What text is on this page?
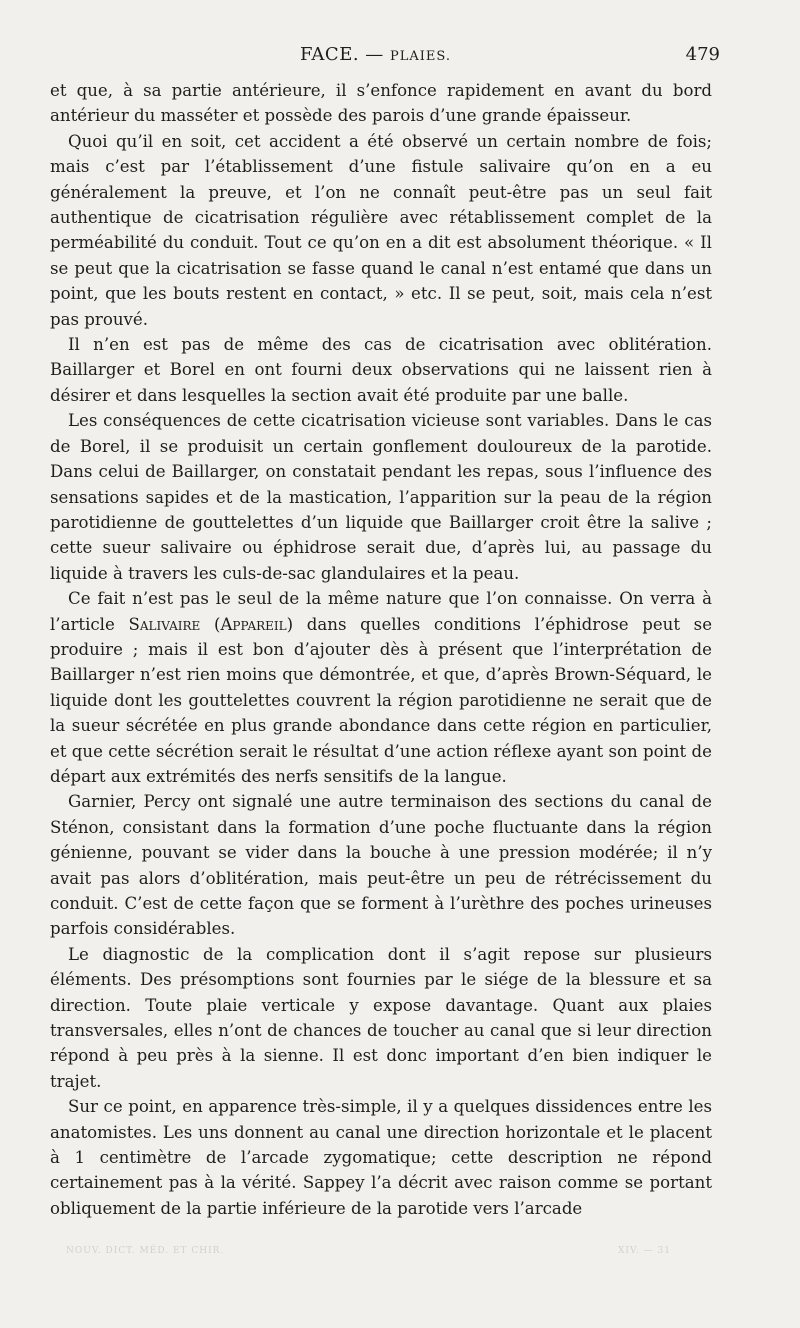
FACE. — PLAIES.	479

et que, à sa partie antérieure, il s’enfonce rapidement en avant du bord antérieur du masséter et possède des parois d’une grande épaisseur.

Quoi qu’il en soit, cet accident a été observé un certain nombre de fois; mais c’est par l’établissement d’une fistule salivaire qu’on en a eu généralement la preuve, et l’on ne connaît peut-être pas un seul fait authentique de cicatrisation régulière avec rétablissement complet de la perméabilité du conduit. Tout ce qu’on en a dit est absolument théorique. « Il se peut que la cicatrisation se fasse quand le canal n’est entamé que dans un point, que les bouts restent en contact, » etc. Il se peut, soit, mais cela n’est pas prouvé.

Il n’en est pas de même des cas de cicatrisation avec oblitération. Baillarger et Borel en ont fourni deux observations qui ne laissent rien à désirer et dans lesquelles la section avait été produite par une balle.

Les conséquences de cette cicatrisation vicieuse sont variables. Dans le cas de Borel, il se produisit un certain gonflement douloureux de la parotide. Dans celui de Baillarger, on constatait pendant les repas, sous l’influence des sensations sapides et de la mastication, l’apparition sur la peau de la région parotidienne de gouttelettes d’un liquide que Baillarger croit être la salive ; cette sueur salivaire ou éphidrose serait due, d’après lui, au passage du liquide à travers les culs-de-sac glandulaires et la peau.

Ce fait n’est pas le seul de la même nature que l’on connaisse. On verra à l’article Salivaire (Appareil) dans quelles conditions l’éphidrose peut se produire ; mais il est bon d’ajouter dès à présent que l’interprétation de Baillarger n’est rien moins que démontrée, et que, d’après Brown-Séquard, le liquide dont les gouttelettes couvrent la région parotidienne ne serait que de la sueur sécrétée en plus grande abondance dans cette région en particulier, et que cette sécrétion serait le résultat d’une action réflexe ayant son point de départ aux extrémités des nerfs sensitifs de la langue.

Garnier, Percy ont signalé une autre terminaison des sections du canal de Sténon, consistant dans la formation d’une poche fluctuante dans la région génienne, pouvant se vider dans la bouche à une pression modérée; il n’y avait pas alors d’oblitération, mais peut-être un peu de rétrécissement du conduit. C’est de cette façon que se forment à l’urèthre des poches urineuses parfois considérables.

Le diagnostic de la complication dont il s’agit repose sur plusieurs éléments. Des présomptions sont fournies par le siége de la blessure et sa direction. Toute plaie verticale y expose davantage. Quant aux plaies transversales, elles n’ont de chances de toucher au canal que si leur direction répond à peu près à la sienne. Il est donc important d’en bien indiquer le trajet.

Sur ce point, en apparence très-simple, il y a quelques dissidences entre les anatomistes. Les uns donnent au canal une direction horizontale et le placent à 1 centimètre de l’arcade zygomatique; cette description ne répond certainement pas à la vérité. Sappey l’a décrit avec raison comme se portant obliquement de la partie inférieure de la parotide vers l’arcade

NOUV. DICT. MÉD. ET CHIR.	XIV. — 31
